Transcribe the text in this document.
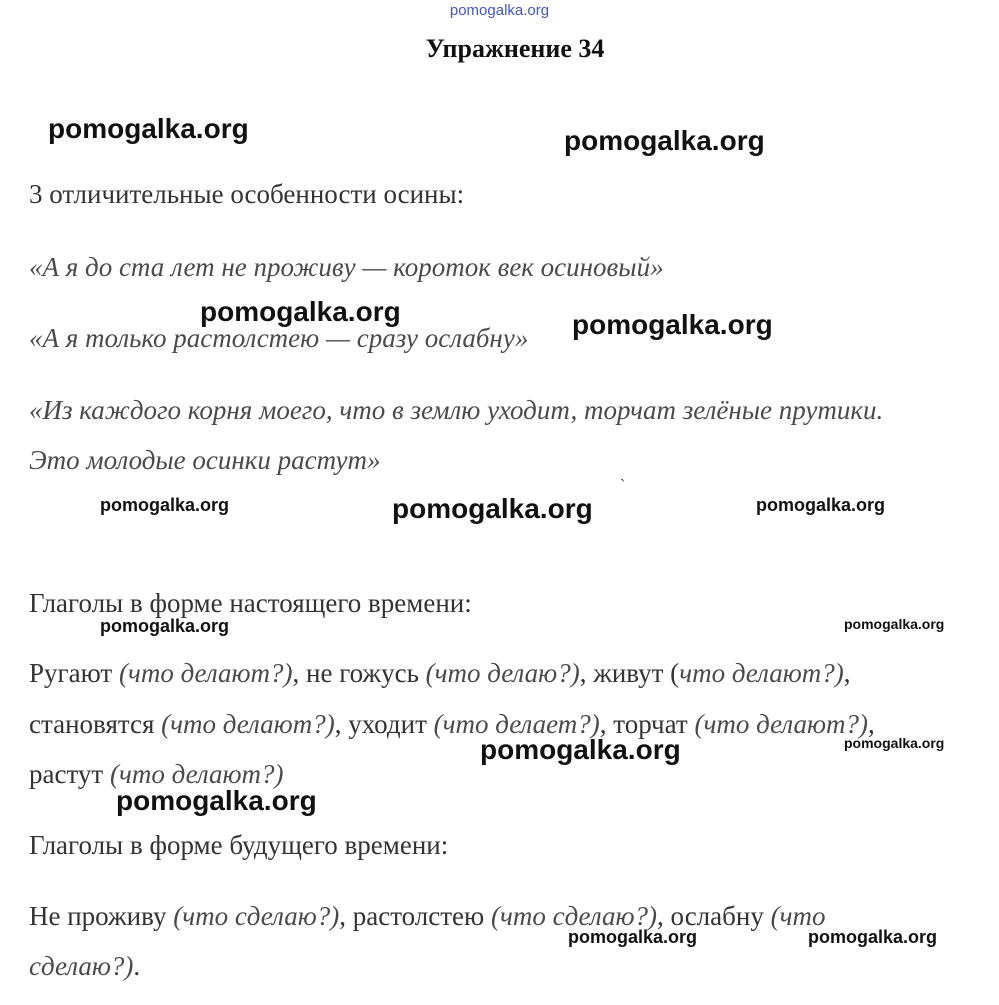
pomogalka.org
Упражнение 34
3 отличительные особенности осины:
«А я до ста лет не проживу — короток век осиновый»
«А я только растолстею — сразу ослабну»
«Из каждого корня моего, что в землю уходит, торчат зелёные прутики.
Это молодые осинки растут»
Глаголы в форме настоящего времени:
Ругают (что делают?), не гожусь (что делаю?), живут (что делают?),
становятся (что делают?), уходит (что делает?), торчат (что делают?),
растут (что делают?)
Глаголы в форме будущего времени:
Не проживу (что сделаю?), растолстею (что сделаю?), ослабну (что
сделаю?).
`
pomogalka.org	pomogalka.org
pomogalka.org	pomogalka.org
pomogalka.org	pomogalka.org	pomogalka.org
pomogalka.org	pomogalka.org
pomogalka.org	pomogalka.org
pomogalka.org
pomogalka.org	pomogalka.org
